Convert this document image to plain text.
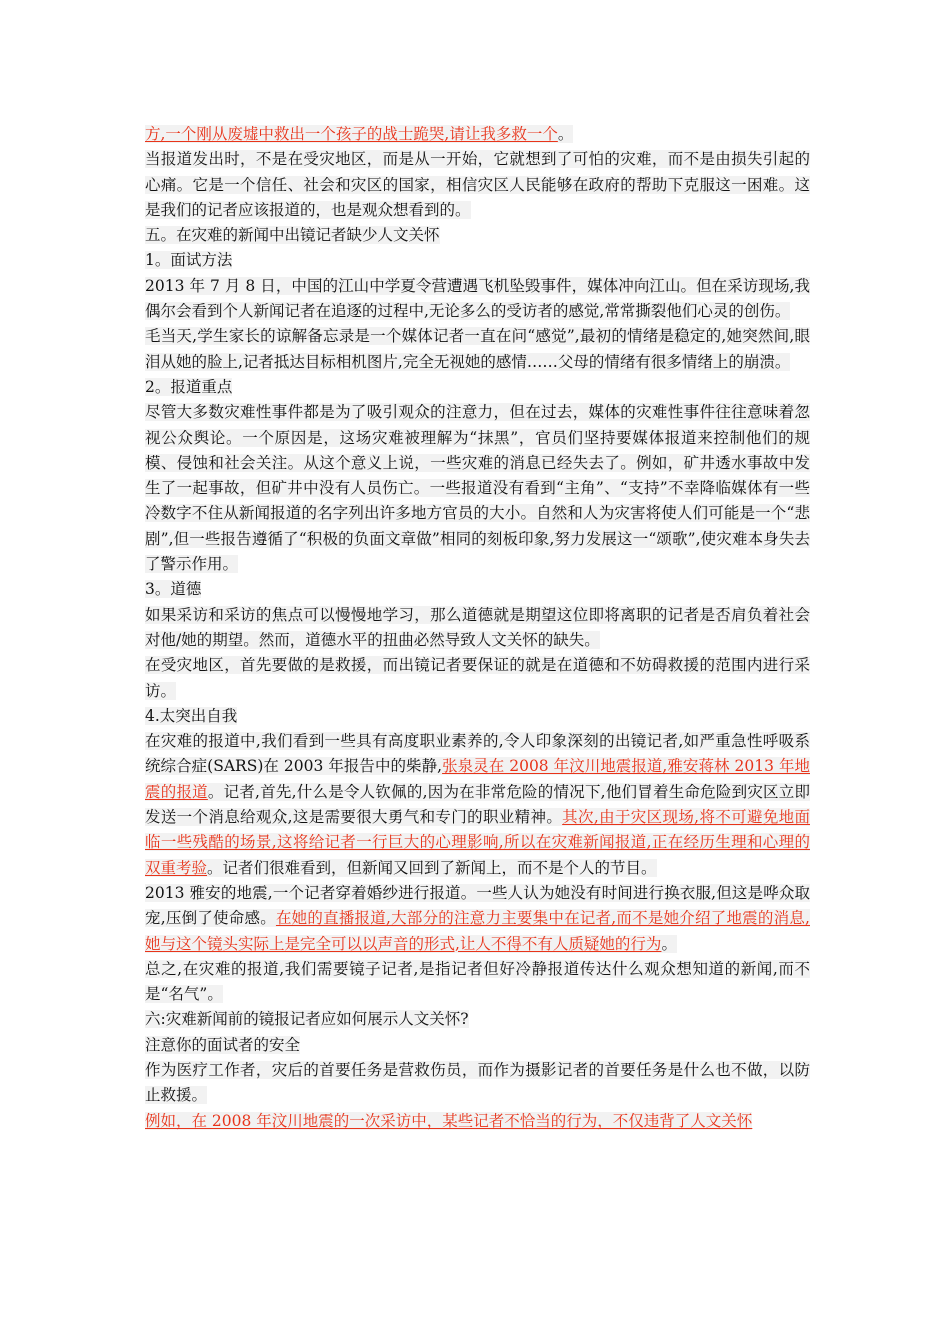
方,一个刚从废墟中救出一个孩子的战士跪哭,请让我多救一个。

当报道发出时，不是在受灾地区，而是从一开始，它就想到了可怕的灾难，而不是由损失引起的心痛。它是一个信任、社会和灾区的国家，相信灾区人民能够在政府的帮助下克服这一困难。这是我们的记者应该报道的，也是观众想看到的。

五。在灾难的新闻中出镜记者缺少人文关怀

1。面试方法

2013 年 7 月 8 日，中国的江山中学夏令营遭遇飞机坠毁事件，媒体冲向江山。但在采访现场,我偶尔会看到个人新闻记者在追逐的过程中,无论多么的受访者的感觉,常常撕裂他们心灵的创伤。

毛当天,学生家长的谅解备忘录是一个媒体记者一直在问“感觉”,最初的情绪是稳定的,她突然间,眼泪从她的脸上,记者抵达目标相机图片,完全无视她的感情……父母的情绪有很多情绪上的崩溃。

2。报道重点

尽管大多数灾难性事件都是为了吸引观众的注意力，但在过去，媒体的灾难性事件往往意味着忽视公众舆论。一个原因是，这场灾难被理解为“抹黑”，官员们坚持要媒体报道来控制他们的规模、侵蚀和社会关注。从这个意义上说，一些灾难的消息已经失去了。例如，矿井透水事故中发生了一起事故，但矿井中没有人员伤亡。一些报道没有看到“主角”、“支持”不幸降临媒体有一些冷数字不住从新闻报道的名字列出许多地方官员的大小。自然和人为灾害将使人们可能是一个“悲剧”,但一些报告遵循了“积极的负面文章做”相同的刻板印象,努力发展这一“颂歌”,使灾难本身失去了警示作用。

3。道德

如果采访和采访的焦点可以慢慢地学习，那么道德就是期望这位即将离职的记者是否肩负着社会对他/她的期望。然而，道德水平的扭曲必然导致人文关怀的缺失。

在受灾地区，首先要做的是救援，而出镜记者要保证的就是在道德和不妨碍救援的范围内进行采访。

4.太突出自我

在灾难的报道中,我们看到一些具有高度职业素养的,令人印象深刻的出镜记者,如严重急性呼吸系统综合症(SARS)在 2003 年报告中的柴静,张泉灵在 2008 年汶川地震报道,雅安蒋林 2013 年地震的报道。记者,首先,什么是令人钦佩的,因为在非常危险的情况下,他们冒着生命危险到灾区立即发送一个消息给观众,这是需要很大勇气和专门的职业精神。其次,由于灾区现场,将不可避免地面临一些残酷的场景,这将给记者一行巨大的心理影响,所以在灾难新闻报道,正在经历生理和心理的双重考验。记者们很难看到，但新闻又回到了新闻上，而不是个人的节目。

2013 雅安的地震,一个记者穿着婚纱进行报道。一些人认为她没有时间进行换衣服,但这是哗众取宠,压倒了使命感。在她的直播报道,大部分的注意力主要集中在记者,而不是她介绍了地震的消息,她与这个镜头实际上是完全可以以声音的形式,让人不得不有人质疑她的行为。

总之,在灾难的报道,我们需要镜子记者,是指记者但好冷静报道传达什么观众想知道的新闻,而不是“名气”。

六:灾难新闻前的镜报记者应如何展示人文关怀?

注意你的面试者的安全

作为医疗工作者，灾后的首要任务是营救伤员，而作为摄影记者的首要任务是什么也不做，以防止救援。

例如，在 2008 年汶川地震的一次采访中，某些记者不恰当的行为，不仅违背了人文关怀
